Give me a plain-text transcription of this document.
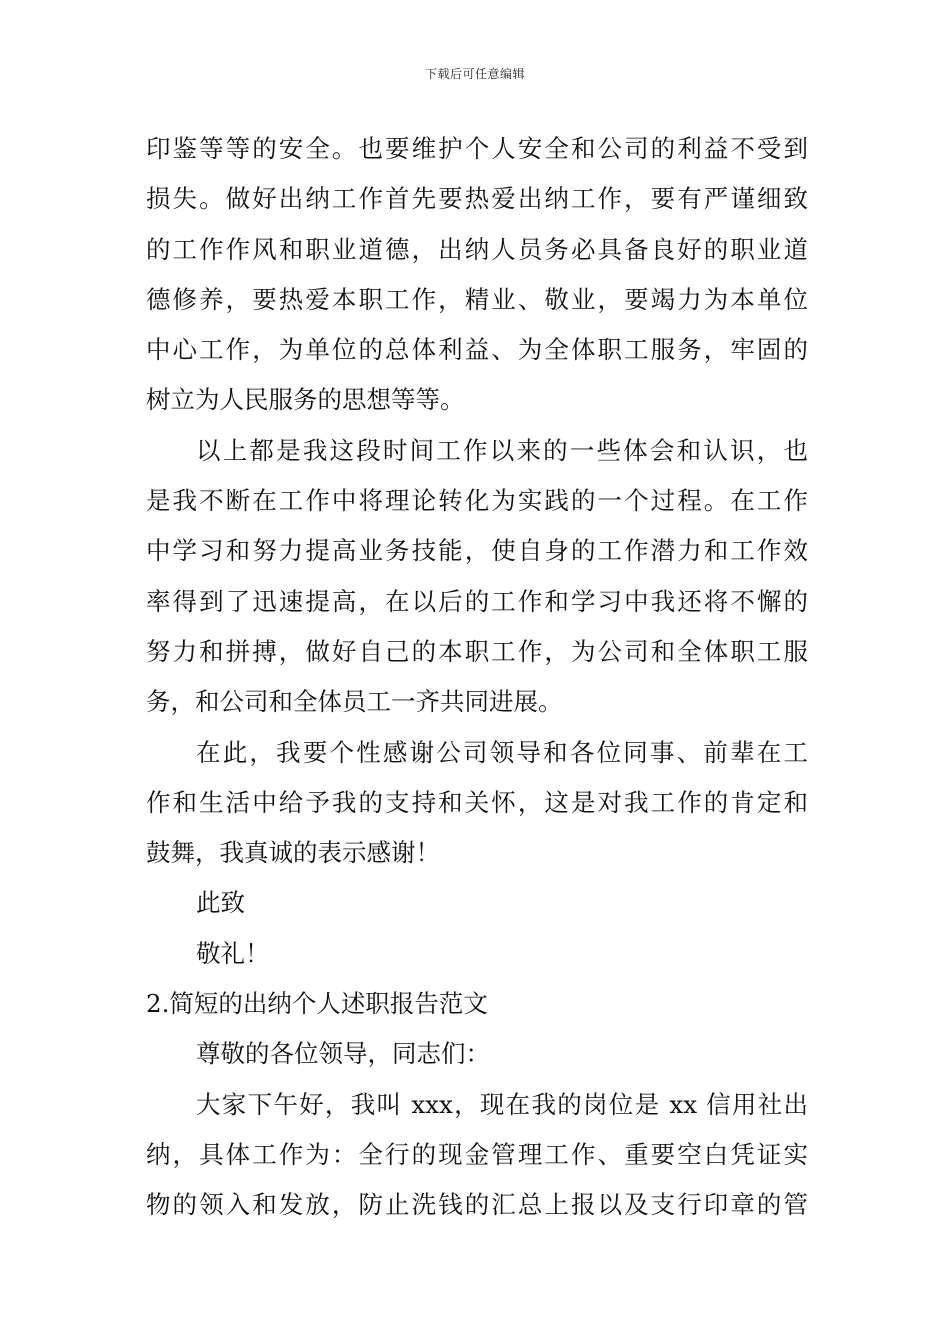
下载后可任意编辑
印鉴等等的安全。也要维护个人安全和公司的利益不受到
损失。做好出纳工作首先要热爱出纳工作，要有严谨细致
的工作作风和职业道德，出纳人员务必具备良好的职业道
德修养，要热爱本职工作，精业、敬业，要竭力为本单位
中心工作，为单位的总体利益、为全体职工服务，牢固的
树立为人民服务的思想等等。
以上都是我这段时间工作以来的一些体会和认识，也
是我不断在工作中将理论转化为实践的一个过程。在工作
中学习和努力提高业务技能，使自身的工作潜力和工作效
率得到了迅速提高，在以后的工作和学习中我还将不懈的
努力和拼搏，做好自己的本职工作，为公司和全体职工服
务，和公司和全体员工一齐共同进展。
在此，我要个性感谢公司领导和各位同事、前辈在工
作和生活中给予我的支持和关怀，这是对我工作的肯定和
鼓舞，我真诚的表示感谢！
此致
敬礼！
2.简短的出纳个人述职报告范文
尊敬的各位领导，同志们：
大家下午好，我叫 xxx，现在我的岗位是 xx 信用社出
纳，具体工作为：全行的现金管理工作、重要空白凭证实
物的领入和发放，防止洗钱的汇总上报以及支行印章的管
